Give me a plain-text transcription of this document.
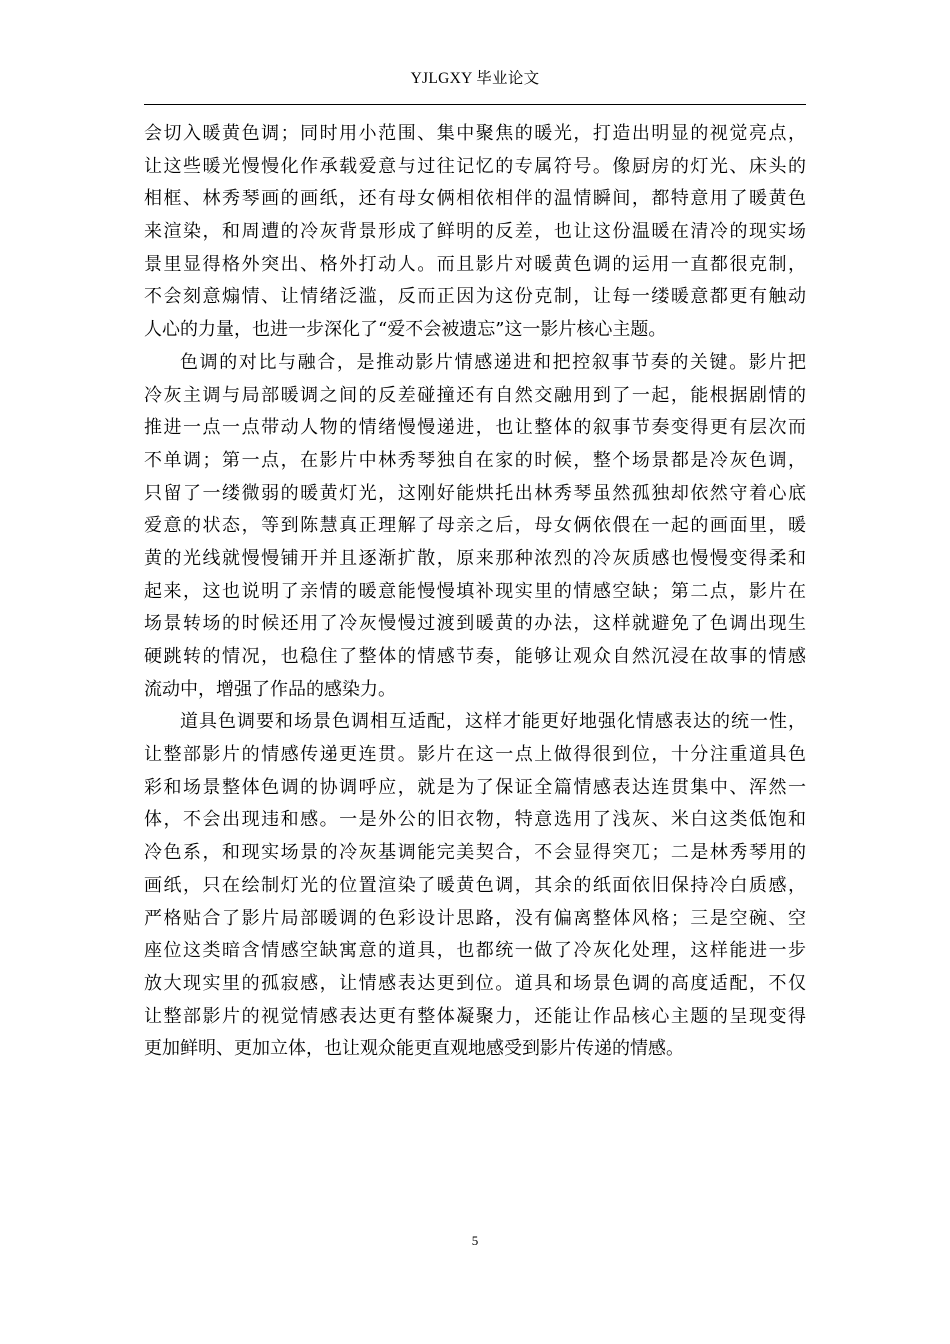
YJLGXY 毕业论文
会切入暖黄色调；同时用小范围、集中聚焦的暖光，打造出明显的视觉亮点，
让这些暖光慢慢化作承载爱意与过往记忆的专属符号。像厨房的灯光、床头的
相框、林秀琴画的画纸，还有母女俩相依相伴的温情瞬间，都特意用了暖黄色
来渲染，和周遭的冷灰背景形成了鲜明的反差，也让这份温暖在清冷的现实场
景里显得格外突出、格外打动人。而且影片对暖黄色调的运用一直都很克制，
不会刻意煽情、让情绪泛滥，反而正因为这份克制，让每一缕暖意都更有触动
人心的力量，也进一步深化了“爱不会被遗忘”这一影片核心主题。
色调的对比与融合，是推动影片情感递进和把控叙事节奏的关键。影片把
冷灰主调与局部暖调之间的反差碰撞还有自然交融用到了一起，能根据剧情的
推进一点一点带动人物的情绪慢慢递进，也让整体的叙事节奏变得更有层次而
不单调；第一点，在影片中林秀琴独自在家的时候，整个场景都是冷灰色调，
只留了一缕微弱的暖黄灯光，这刚好能烘托出林秀琴虽然孤独却依然守着心底
爱意的状态，等到陈慧真正理解了母亲之后，母女俩依偎在一起的画面里，暖
黄的光线就慢慢铺开并且逐渐扩散，原来那种浓烈的冷灰质感也慢慢变得柔和
起来，这也说明了亲情的暖意能慢慢填补现实里的情感空缺；第二点，影片在
场景转场的时候还用了冷灰慢慢过渡到暖黄的办法，这样就避免了色调出现生
硬跳转的情况，也稳住了整体的情感节奏，能够让观众自然沉浸在故事的情感
流动中，增强了作品的感染力。
道具色调要和场景色调相互适配，这样才能更好地强化情感表达的统一性，
让整部影片的情感传递更连贯。影片在这一点上做得很到位，十分注重道具色
彩和场景整体色调的协调呼应，就是为了保证全篇情感表达连贯集中、浑然一
体，不会出现违和感。一是外公的旧衣物，特意选用了浅灰、米白这类低饱和
冷色系，和现实场景的冷灰基调能完美契合，不会显得突兀；二是林秀琴用的
画纸，只在绘制灯光的位置渲染了暖黄色调，其余的纸面依旧保持冷白质感，
严格贴合了影片局部暖调的色彩设计思路，没有偏离整体风格；三是空碗、空
座位这类暗含情感空缺寓意的道具，也都统一做了冷灰化处理，这样能进一步
放大现实里的孤寂感，让情感表达更到位。道具和场景色调的高度适配，不仅
让整部影片的视觉情感表达更有整体凝聚力，还能让作品核心主题的呈现变得
更加鲜明、更加立体，也让观众能更直观地感受到影片传递的情感。
5
